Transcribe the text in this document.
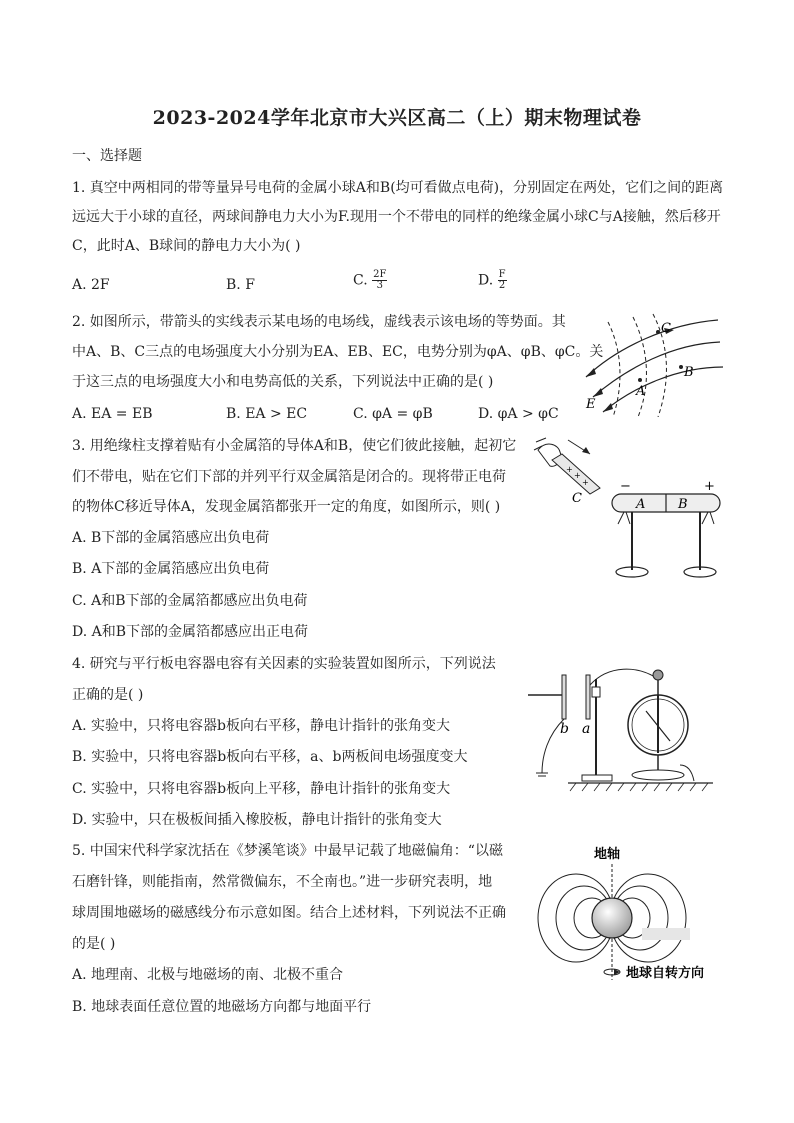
2023-2024学年北京市大兴区高二（上）期末物理试卷
一、选择题
1. 真空中两相同的带等量异号电荷的金属小球A和B(均可看做点电荷)，分别固定在两处，它们之间的距离
远远大于小球的直径，两球间静电力大小为F.现用一个不带电的同样的绝缘金属小球C与A接触，然后移开
C，此时A、B球间的静电力大小为( )
A. 2F	B. F	C. $\frac{2F}{3}$	D. $\frac{F}{2}$
2. 如图所示，带箭头的实线表示某电场的电场线，虚线表示该电场的等势面。其
中A、B、C三点的电场强度大小分别为EA、EB、EC，电势分别为φA、φB、φC。关
于这三点的电场强度大小和电势高低的关系，下列说法中正确的是( )
A. EA = EB	B. EA > EC	C. φA = φB	D. φA > φC
C
B
A
E
3. 用绝缘柱支撑着贴有小金属箔的导体A和B，使它们彼此接触，起初它
们不带电，贴在它们下部的并列平行双金属箔是闭合的。现将带正电荷
的物体C移近导体A，发现金属箔都张开一定的角度，如图所示，则( )
A. B下部的金属箔感应出负电荷
B. A下部的金属箔感应出负电荷
C. A和B下部的金属箔都感应出负电荷
D. A和B下部的金属箔都感应出正电荷
+
+
+
C	A	B
−	+
4. 研究与平行板电容器电容有关因素的实验装置如图所示，下列说法
正确的是( )
A. 实验中，只将电容器b板向右平移，静电计指针的张角变大
B. 实验中，只将电容器b板向右平移，a、b两板间电场强度变大
C. 实验中，只将电容器b板向上平移，静电计指针的张角变大
D. 实验中，只在极板间插入橡胶板，静电计指针的张角变大
b a
5. 中国宋代科学家沈括在《梦溪笔谈》中最早记载了地磁偏角：“以磁
石磨针锋，则能指南，然常微偏东，不全南也。”进一步研究表明，地
球周围地磁场的磁感线分布示意如图。结合上述材料，下列说法不正确
的是( )
A. 地理南、北极与地磁场的南、北极不重合
B. 地球表面任意位置的地磁场方向都与地面平行
地轴
地球自转方向
